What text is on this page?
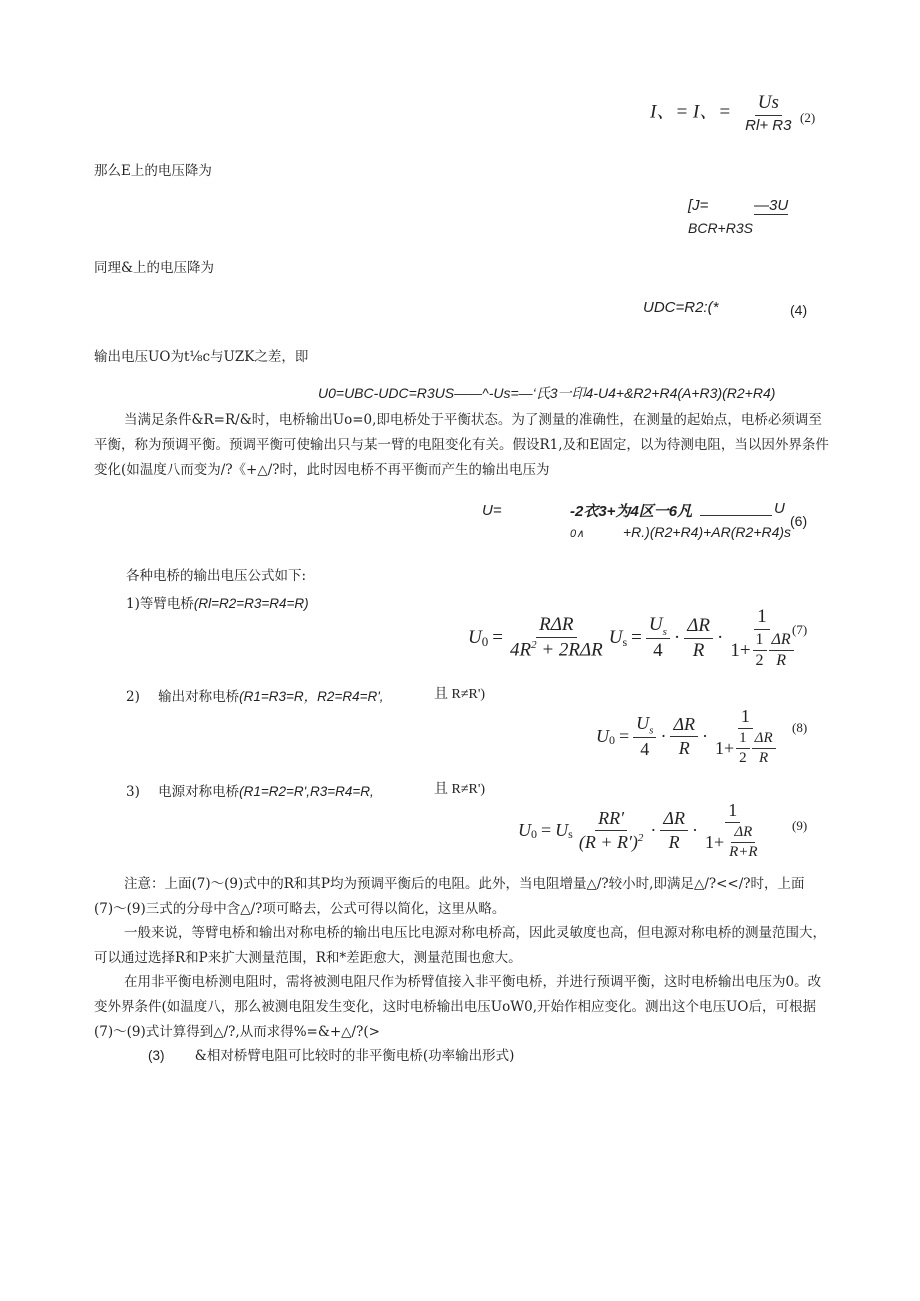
I、= I、= $\frac{Us}{Rl+ R3} (2)$
那么E上的电压降为
[J=	—3U
BCR+R3S
同理&上的电压降为
UDC=R2:(*	(4)
输出电压UO为t⅛c与UZK之差，即
U0=UBC-UDC=R3US——^-Us=—‘氏3一印4-U4+&R2+R4(A+R3)(R2+R4)
当满足条件&R=R/&时，电桥输出Uo=0,即电桥处于平衡状态。为了测量的准确性，在测量的起始点，电桥必须调至平衡，称为预调平衡。预调平衡可使输出只与某一臂的电阻变化有关。假设R1,及和E固定，以为待测电阻，当以因外界条件变化(如温度八而变为/?《+△/?时，此时因电桥不再平衡而产生的输出电压为
U=	-2衣3+为4区一6凡	U
0∧	+R.)(R2+R4)+AR(R2+R4)s
(6)
各种电桥的输出电压公式如下:
1)等臂电桥(Rl=R2=R3=R4=R)
U $0 = \frac{\text{RΔR}}{4R^2 + 2R\Delta R}$ U $s = \frac{U_s}{4} \cdot \frac{\Delta R}{R} \cdot \frac{1}{1+ \frac{1}{2} \frac{\Delta R}{R}}$
(7)
2) 输出对称电桥(R1=R3=R，R2=R4=R',	且 R≠R')
U $0 = \frac{U_s}{4} \cdot \frac{\Delta R}{R} \cdot \frac{1}{1+ \frac{1}{2} \frac{\Delta R}{R}} (8)$
3) 电源对称电桥(R1=R2=R',R3=R4=R,	且 R≠R')
U 0 = U s $\frac{RR'}{(R + R')^2} \cdot \frac{\Delta R}{R} \cdot \frac{1}{1+ \frac{\Delta R}{R+R}} (9)$
注意：上面(7)〜(9)式中的R和其P均为预调平衡后的电阻。此外，当电阻增量△/?较小时,即满足△/?<</?时，上面(7)〜(9)三式的分母中含△/?项可略去，公式可得以简化，这里从略。
一般来说，等臂电桥和输出对称电桥的输出电压比电源对称电桥高，因此灵敏度也高，但电源对称电桥的测量范围大，可以通过选择R和P来扩大测量范围，R和*差距愈大，测量范围也愈大。
在用非平衡电桥测电阻时，需将被测电阻尺作为桥臂值接入非平衡电桥，并进行预调平衡，这时电桥输出电压为0。改变外界条件(如温度八，那么被测电阻发生变化，这时电桥输出电压UoW0,开始作相应变化。测出这个电压UO后，可根据(7)〜(9)式计算得到△/?,从而求得%=&+△/?(>
(3) &相对桥臂电阻可比较时的非平衡电桥(功率输出形式)
